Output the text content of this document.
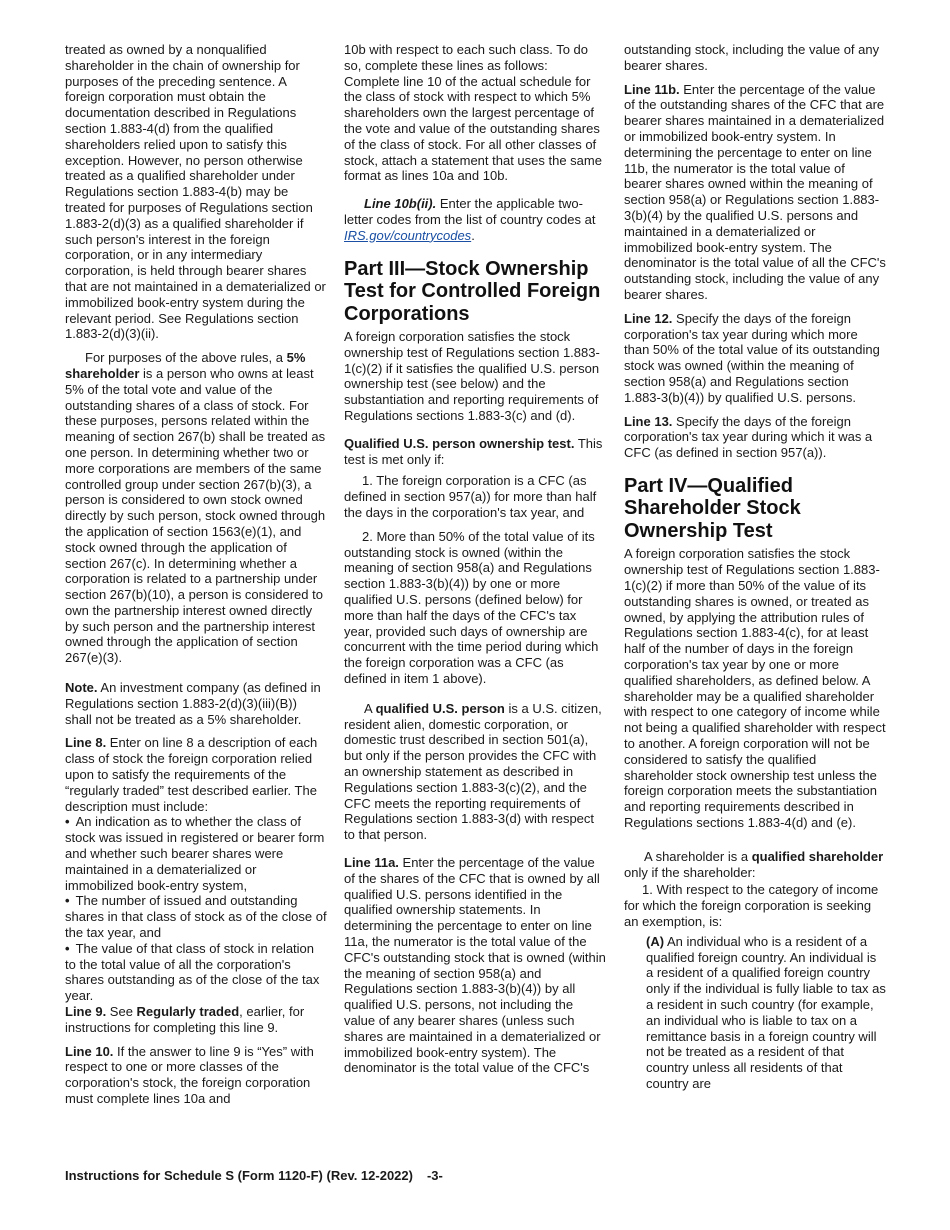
treated as owned by a nonqualified shareholder in the chain of ownership for purposes of the preceding sentence. A foreign corporation must obtain the documentation described in Regulations section 1.883-4(d) from the qualified shareholders relied upon to satisfy this exception. However, no person otherwise treated as a qualified shareholder under Regulations section 1.883-4(b) may be treated for purposes of Regulations section 1.883-2(d)(3) as a qualified shareholder if such person's interest in the foreign corporation, or in any intermediary corporation, is held through bearer shares that are not maintained in a dematerialized or immobilized book-entry system during the relevant period. See Regulations section 1.883-2(d)(3)(ii).

For purposes of the above rules, a 5% shareholder is a person who owns at least 5% of the total vote and value of the outstanding shares of a class of stock. For these purposes, persons related within the meaning of section 267(b) shall be treated as one person. In determining whether two or more corporations are members of the same controlled group under section 267(b)(3), a person is considered to own stock owned directly by such person, stock owned through the application of section 1563(e)(1), and stock owned through the application of section 267(c). In determining whether a corporation is related to a partnership under section 267(b)(10), a person is considered to own the partnership interest owned directly by such person and the partnership interest owned through the application of section 267(e)(3).

Note. An investment company (as defined in Regulations section 1.883-2(d)(3)(iii)(B)) shall not be treated as a 5% shareholder.

Line 8. Enter on line 8 a description of each class of stock the foreign corporation relied upon to satisfy the requirements of the “regularly traded” test described earlier. The description must include:

• An indication as to whether the class of stock was issued in registered or bearer form and whether such bearer shares were maintained in a dematerialized or immobilized book-entry system,

• The number of issued and outstanding shares in that class of stock as of the close of the tax year, and

• The value of that class of stock in relation to the total value of all the corporation's shares outstanding as of the close of the tax year.

Line 9. See Regularly traded, earlier, for instructions for completing this line 9.

Line 10. If the answer to line 9 is “Yes” with respect to one or more classes of the corporation's stock, the foreign corporation must complete lines 10a and

10b with respect to each such class. To do so, complete these lines as follows: Complete line 10 of the actual schedule for the class of stock with respect to which 5% shareholders own the largest percentage of the vote and value of the outstanding shares of the class of stock. For all other classes of stock, attach a statement that uses the same format as lines 10a and 10b.

Line 10b(ii). Enter the applicable two-letter codes from the list of country codes at IRS.gov/countrycodes.

Part III—Stock Ownership Test for Controlled Foreign Corporations

A foreign corporation satisfies the stock ownership test of Regulations section 1.883-1(c)(2) if it satisfies the qualified U.S. person ownership test (see below) and the substantiation and reporting requirements of Regulations sections 1.883-3(c) and (d).

Qualified U.S. person ownership test. This test is met only if:

1. The foreign corporation is a CFC (as defined in section 957(a)) for more than half the days in the corporation's tax year, and

2. More than 50% of the total value of its outstanding stock is owned (within the meaning of section 958(a) and Regulations section 1.883-3(b)(4)) by one or more qualified U.S. persons (defined below) for more than half the days of the CFC's tax year, provided such days of ownership are concurrent with the time period during which the foreign corporation was a CFC (as defined in item 1 above).

A qualified U.S. person is a U.S. citizen, resident alien, domestic corporation, or domestic trust described in section 501(a), but only if the person provides the CFC with an ownership statement as described in Regulations section 1.883-3(c)(2), and the CFC meets the reporting requirements of Regulations section 1.883-3(d) with respect to that person.

Line 11a. Enter the percentage of the value of the shares of the CFC that is owned by all qualified U.S. persons identified in the qualified ownership statements. In determining the percentage to enter on line 11a, the numerator is the total value of the CFC's outstanding stock that is owned (within the meaning of section 958(a) and Regulations section 1.883-3(b)(4)) by all qualified U.S. persons, not including the value of any bearer shares (unless such shares are maintained in a dematerialized or immobilized book-entry system). The denominator is the total value of the CFC's

outstanding stock, including the value of any bearer shares.

Line 11b. Enter the percentage of the value of the outstanding shares of the CFC that are bearer shares maintained in a dematerialized or immobilized book-entry system. In determining the percentage to enter on line 11b, the numerator is the total value of bearer shares owned within the meaning of section 958(a) or Regulations section 1.883-3(b)(4) by the qualified U.S. persons and maintained in a dematerialized or immobilized book-entry system. The denominator is the total value of all the CFC's outstanding stock, including the value of any bearer shares.

Line 12. Specify the days of the foreign corporation's tax year during which more than 50% of the total value of its outstanding stock was owned (within the meaning of section 958(a) and Regulations section 1.883-3(b)(4)) by qualified U.S. persons.

Line 13. Specify the days of the foreign corporation's tax year during which it was a CFC (as defined in section 957(a)).

Part IV—Qualified Shareholder Stock Ownership Test

A foreign corporation satisfies the stock ownership test of Regulations section 1.883-1(c)(2) if more than 50% of the value of its outstanding shares is owned, or treated as owned, by applying the attribution rules of Regulations section 1.883-4(c), for at least half of the number of days in the foreign corporation's tax year by one or more qualified shareholders, as defined below. A shareholder may be a qualified shareholder with respect to one category of income while not being a qualified shareholder with respect to another. A foreign corporation will not be considered to satisfy the qualified shareholder stock ownership test unless the foreign corporation meets the substantiation and reporting requirements described in Regulations sections 1.883-4(d) and (e).

A shareholder is a qualified shareholder only if the shareholder:

1. With respect to the category of income for which the foreign corporation is seeking an exemption, is:

(A) An individual who is a resident of a qualified foreign country. An individual is a resident of a qualified foreign country only if the individual is fully liable to tax as a resident in such country (for example, an individual who is liable to tax on a remittance basis in a foreign country will not be treated as a resident of that country unless all residents of that country are

Instructions for Schedule S (Form 1120-F) (Rev. 12-2022) -3-
